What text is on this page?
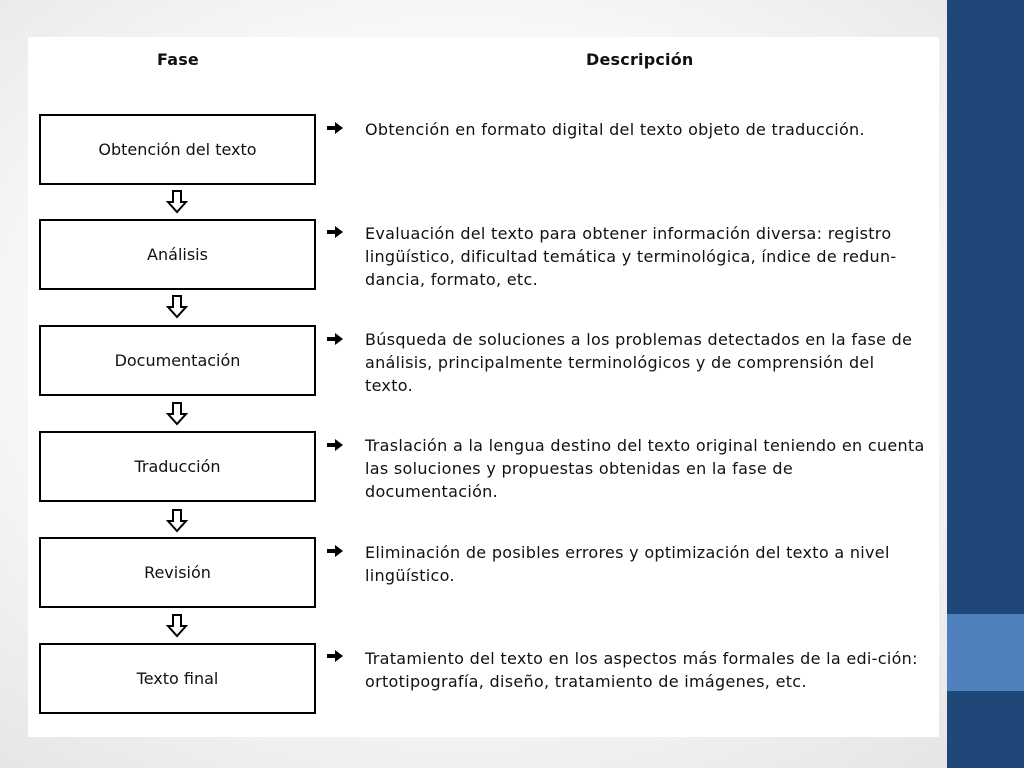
Fase	Descripción
Obtención del texto
Obtención en formato digital del texto objeto de traducción.
Análisis
Evaluación del texto para obtener información diversa: registro lingüístico, dificultad temática y terminológica, índice de redun-dancia, formato, etc.
Documentación
Búsqueda de soluciones a los problemas detectados en la fase de análisis, principalmente terminológicos y de comprensión del texto.
Traducción
Traslación a la lengua destino del texto original teniendo en cuenta las soluciones y propuestas obtenidas en la fase de documentación.
Revisión
Eliminación de posibles errores y optimización del texto a nivel lingüístico.
Texto final
Tratamiento del texto en los aspectos más formales de la edi-ción: ortotipografía, diseño, tratamiento de imágenes, etc.
